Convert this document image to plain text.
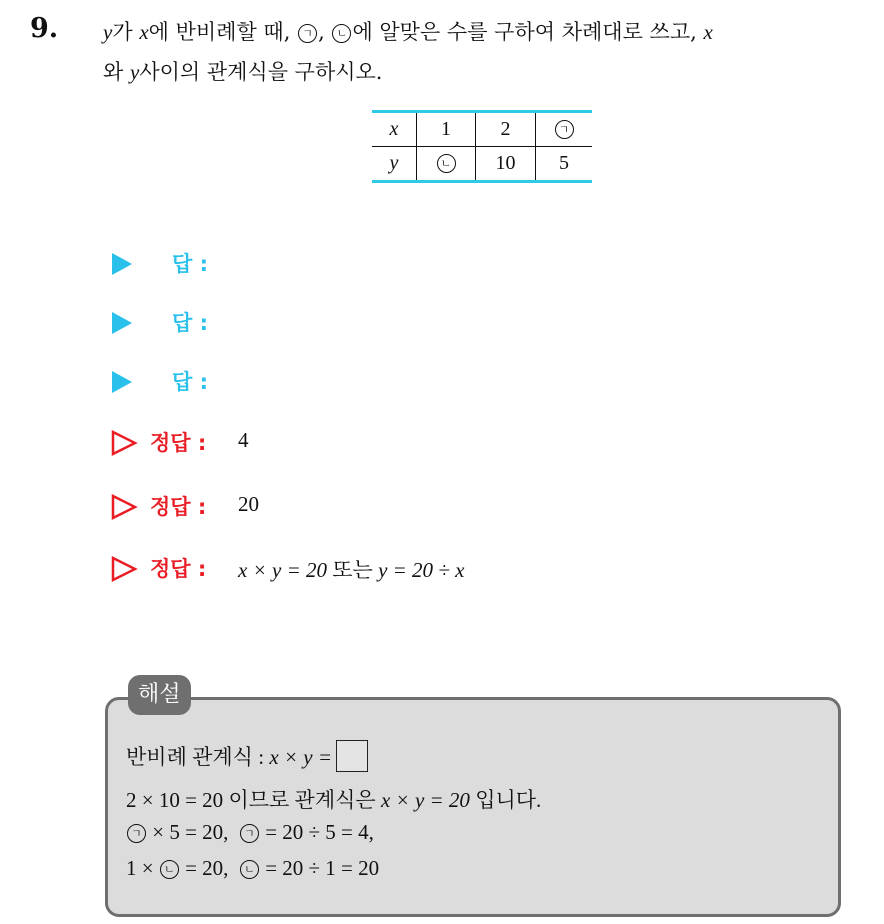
9. y가 x에 반비례할 때, ㄱ , ㄴ 에 알맞은 수를 구하여 차례대로 쓰고, x
와 y사이의 관계식을 구하시오.
x	1	2	ㄱ
y	ㄴ	10	5
답 :
답 :
답 :
정답 : 4
정답 : 20
정답 : x × y = 20 또는 y = 20 ÷ x
해설
반비례 관계식 : x × y =
2 × 10 = 20 이므로 관계식은 x × y = 20 입니다.
ㄱ × 5 = 20, ㄱ = 20 ÷ 5 = 4,
1 × ㄴ = 20, ㄴ = 20 ÷ 1 = 20
